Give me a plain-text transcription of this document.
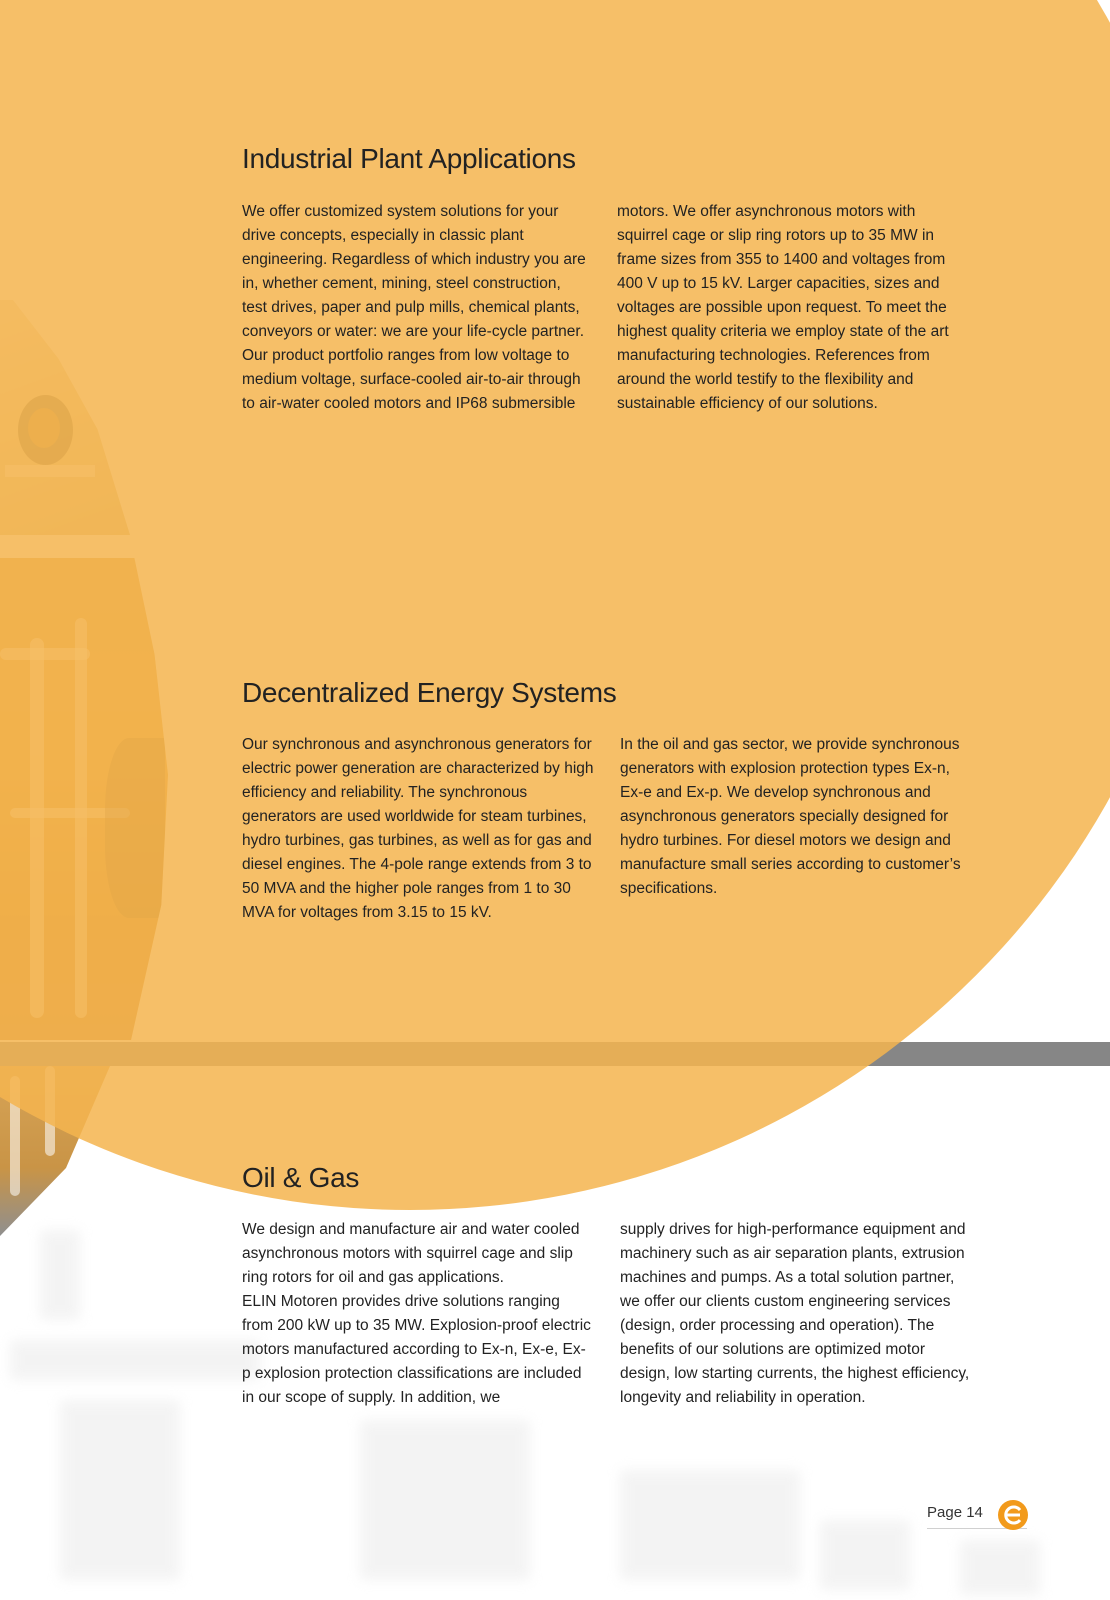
Industrial Plant Applications

We offer customized system solutions for your drive concepts, especially in classic plant engineering. Regardless of which industry you are in, whether cement, mining, steel construction, test drives, paper and pulp mills, chemical plants, conveyors or water: we are your life-cycle partner. Our product portfolio ranges from low voltage to medium voltage, surface-cooled air-to-air through to air-water cooled motors and IP68 submersible

motors. We offer asynchronous motors with squirrel cage or slip ring rotors up to 35 MW in frame sizes from 355 to 1400 and voltages from 400 V up to 15 kV. Larger capacities, sizes and voltages are possible upon request. To meet the highest quality criteria we employ state of the art manufacturing technologies. References from around the world testify to the flexibility and sustainable efficiency of our solutions.

Decentralized Energy Systems

Our synchronous and asynchronous generators for electric power generation are characterized by high efficiency and reliability. The synchronous generators are used worldwide for steam turbines, hydro turbines, gas turbines, as well as for gas and diesel engines. The 4-pole range extends from 3 to 50 MVA and the higher pole ranges from 1 to 30 MVA for voltages from 3.15 to 15 kV.

In the oil and gas sector, we provide synchronous generators with explosion protection types Ex-n, Ex-e and Ex-p. We develop synchronous and asynchronous generators specially designed for hydro turbines. For diesel motors we design and manufacture small series according to customer’s specifications.

Oil & Gas

We design and manufacture air and water cooled asynchronous motors with squirrel cage and slip ring rotors for oil and gas applications.

ELIN Motoren provides drive solutions ranging from 200 kW up to 35 MW. Explosion-proof electric motors manufactured according to Ex-n, Ex-e, Ex-p explosion protection classifications are included in our scope of supply. In addition, we

supply drives for high-performance equipment and machinery such as air separation plants, extrusion machines and pumps. As a total solution partner, we offer our clients custom engineering services (design, order processing and operation). The benefits of our solutions are optimized motor design, low starting currents, the highest efficiency, longevity and reliability in operation.

Page 14
